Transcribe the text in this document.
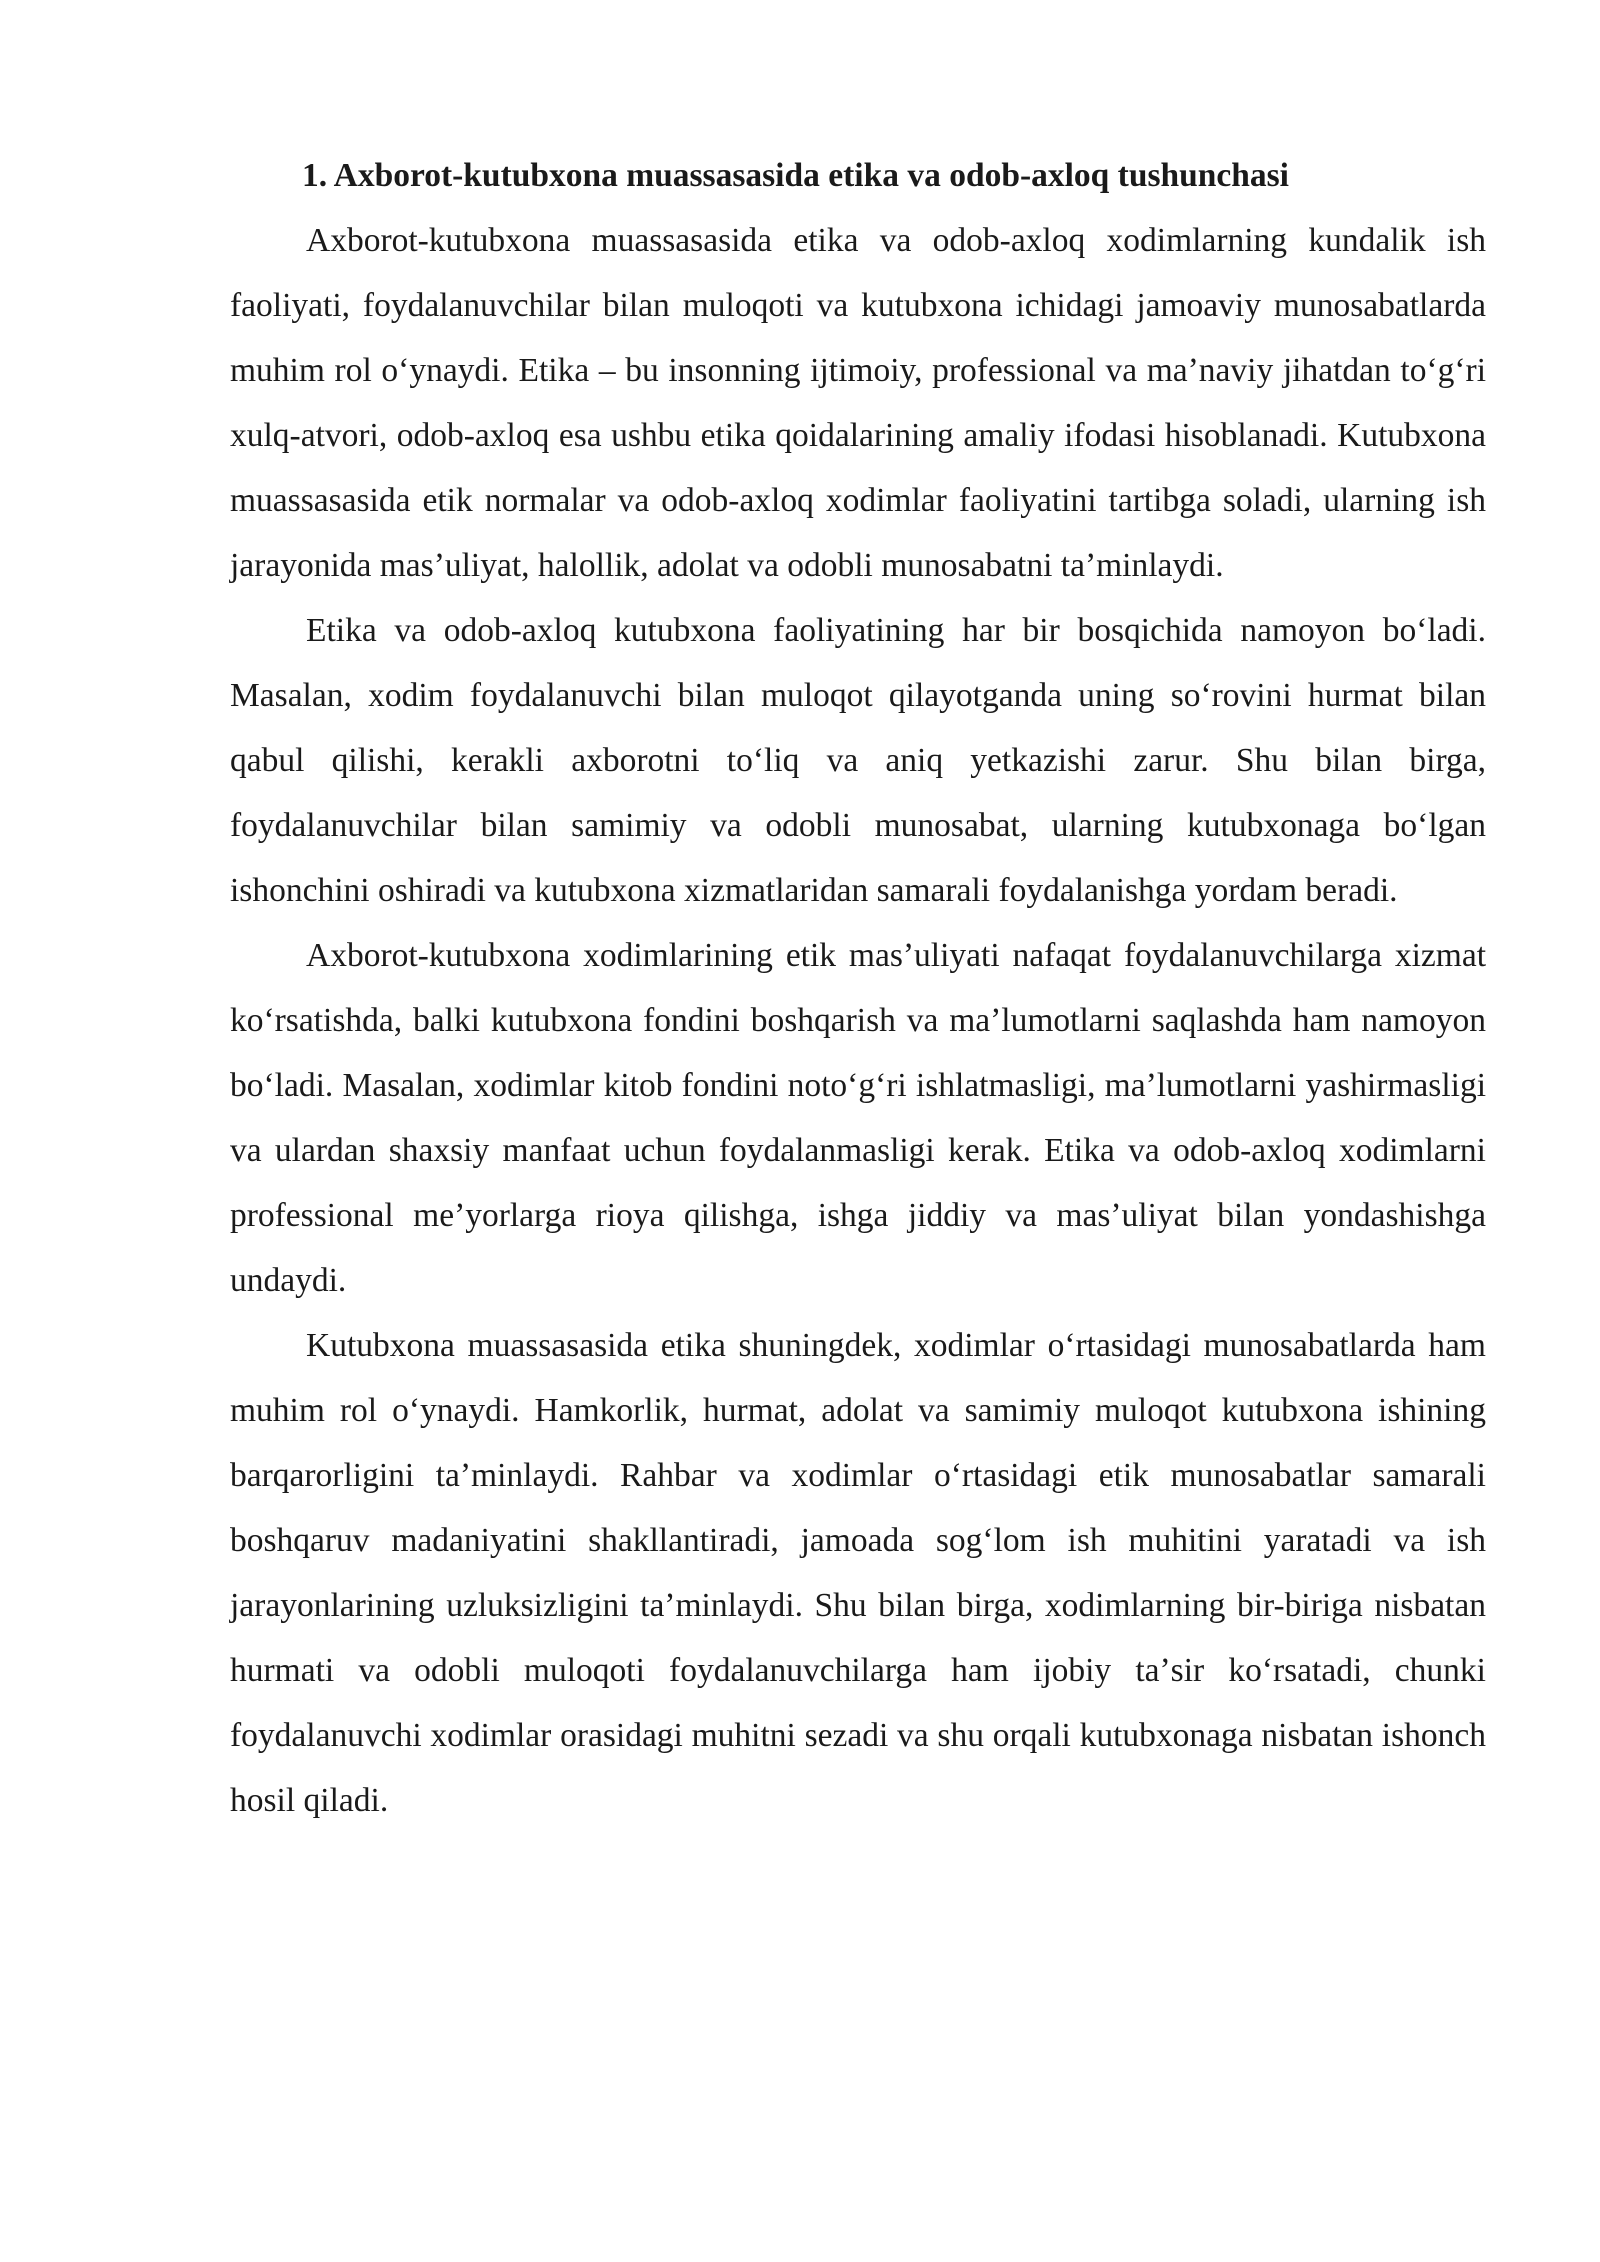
1. Axborot-kutubxona muassasasida etika va odob-axloq tushunchasi

Axborot-kutubxona muassasasida etika va odob-axloq xodimlarning kundalik ish faoliyati, foydalanuvchilar bilan muloqoti va kutubxona ichidagi jamoaviy munosabatlarda muhim rol oʻynaydi. Etika – bu insonning ijtimoiy, professional va maʼnaviy jihatdan toʻgʻri xulq-atvori, odob-axloq esa ushbu etika qoidalarining amaliy ifodasi hisoblanadi. Kutubxona muassasasida etik normalar va odob-axloq xodimlar faoliyatini tartibga soladi, ularning ish jarayonida masʼuliyat, halollik, adolat va odobli munosabatni taʼminlaydi.

Etika va odob-axloq kutubxona faoliyatining har bir bosqichida namoyon boʻladi. Masalan, xodim foydalanuvchi bilan muloqot qilayotganda uning soʻrovini hurmat bilan qabul qilishi, kerakli axborotni toʻliq va aniq yetkazishi zarur. Shu bilan birga, foydalanuvchilar bilan samimiy va odobli munosabat, ularning kutubxonaga boʻlgan ishonchini oshiradi va kutubxona xizmatlaridan samarali foydalanishga yordam beradi.

Axborot-kutubxona xodimlarining etik masʼuliyati nafaqat foydalanuvchilarga xizmat koʻrsatishda, balki kutubxona fondini boshqarish va maʼlumotlarni saqlashda ham namoyon boʻladi. Masalan, xodimlar kitob fondini notoʻgʻri ishlatmasligi, maʼlumotlarni yashirmasligi va ulardan shaxsiy manfaat uchun foydalanmasligi kerak. Etika va odob-axloq xodimlarni professional meʼyorlarga rioya qilishga, ishga jiddiy va masʼuliyat bilan yondashishga undaydi.

Kutubxona muassasasida etika shuningdek, xodimlar oʻrtasidagi munosabatlarda ham muhim rol oʻynaydi. Hamkorlik, hurmat, adolat va samimiy muloqot kutubxona ishining barqarorligini taʼminlaydi. Rahbar va xodimlar oʻrtasidagi etik munosabatlar samarali boshqaruv madaniyatini shakllantiradi, jamoada sogʻlom ish muhitini yaratadi va ish jarayonlarining uzluksizligini taʼminlaydi. Shu bilan birga, xodimlarning bir-biriga nisbatan hurmati va odobli muloqoti foydalanuvchilarga ham ijobiy taʼsir koʻrsatadi, chunki foydalanuvchi xodimlar orasidagi muhitni sezadi va shu orqali kutubxonaga nisbatan ishonch hosil qiladi.
